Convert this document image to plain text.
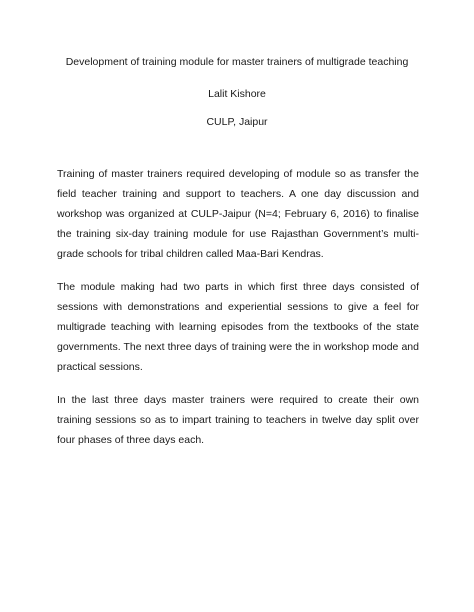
Development of training module for master trainers of multigrade teaching
Lalit Kishore
CULP, Jaipur

Training of master trainers required developing of module so as transfer the field teacher training and support to teachers. A one day discussion and workshop was organized at CULP-Jaipur (N=4; February 6, 2016) to finalise the training six-day training module for use Rajasthan Government’s multi-grade schools for tribal children called Maa-Bari Kendras.

The module making had two parts in which first three days consisted of sessions with demonstrations and experiential sessions to give a feel for multigrade teaching with learning episodes from the textbooks of the state governments. The next three days of training were the in workshop mode and practical sessions.

In the last three days master trainers were required to create their own training sessions so as to impart training to teachers in twelve day split over four phases of three days each.
